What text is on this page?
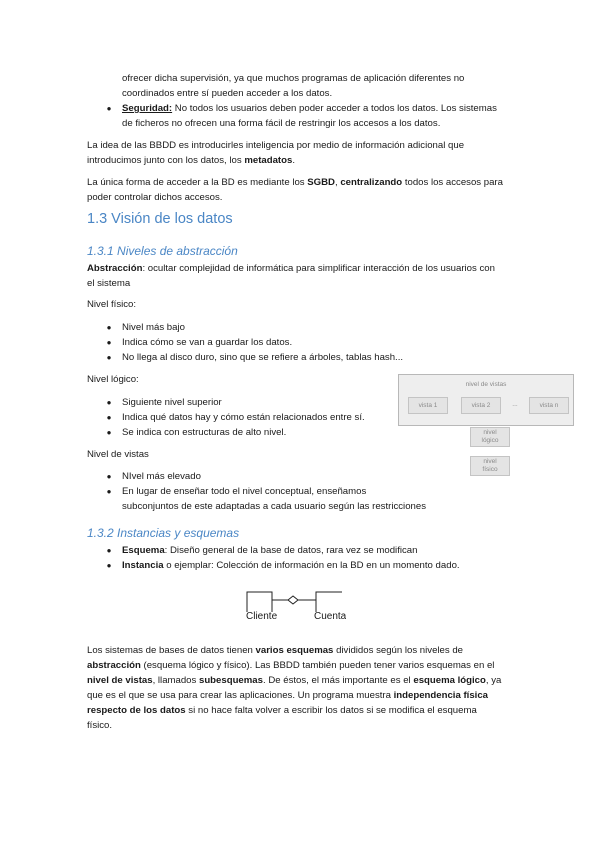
ofrecer dicha supervisión, ya que muchos programas de aplicación diferentes no

coordinados entre sí pueden acceder a los datos.

● Seguridad: No todos los usuarios deben poder acceder a todos los datos. Los sistemas

de ficheros no ofrecen una forma fácil de restringir los accesos a los datos.

La idea de las BBDD es introducirles inteligencia por medio de información adicional que

introducimos junto con los datos, los metadatos.

La única forma de acceder a la BD es mediante los SGBD, centralizando todos los accesos para

poder controlar dichos accesos.

1.3 Visión de los datos
1.3.1 Niveles de abstracción

Abstracción: ocultar complejidad de informática para simplificar interacción de los usuarios con

el sistema

Nivel físico:

● Nivel más bajo
● Indica cómo se van a guardar los datos.
● No llega al disco duro, sino que se refiere a árboles, tablas hash...

Nivel lógico:

● Siguiente nivel superior
● Indica qué datos hay y cómo están relacionados entre sí.
● Se indica con estructuras de alto nivel.

Nivel de vistas

● NIvel más elevado
● En lugar de enseñar todo el nivel conceptual, enseñamos
subconjuntos de este adaptadas a cada usuario según las restricciones
nivel de vistas
vista 1	vista 2	...	vista n
nivel
lógico
nivel
físico
1.3.2 Instancias y esquemas
● Esquema: Diseño general de la base de datos, rara vez se modifican
● Instancia o ejemplar: Colección de información en la BD en un momento dado.
Cliente	Cuenta

Los sistemas de bases de datos tienen varios esquemas divididos según los niveles de

abstracción (esquema lógico y físico). Las BBDD también pueden tener varios esquemas en el

nivel de vistas, llamados subesquemas. De éstos, el más importante es el esquema lógico, ya

que es el que se usa para crear las aplicaciones. Un programa muestra independencia física

respecto de los datos si no hace falta volver a escribir los datos si se modifica el esquema

físico.
